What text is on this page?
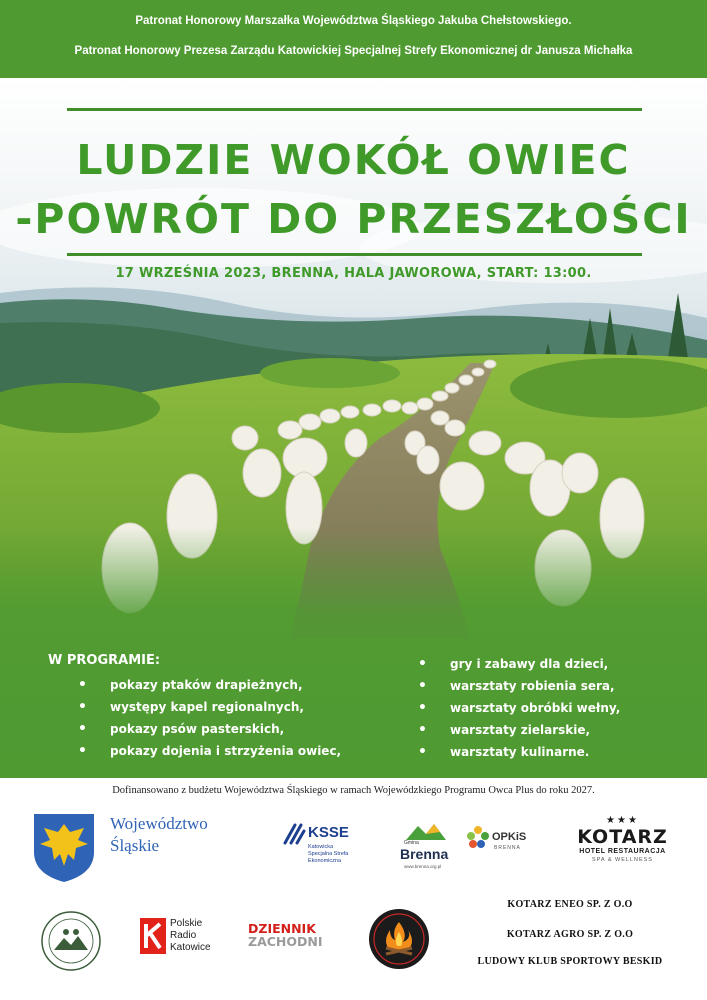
Patronat Honorowy Marszałka Województwa Śląskiego Jakuba Chełstowskiego.
Patronat Honorowy Prezesa Zarządu Katowickiej Specjalnej Strefy Ekonomicznej dr Janusza Michałka
LUDZIE WOKÓŁ OWIEC
-POWRÓT DO PRZESZŁOŚCI
17 WRZEŚNIA 2023, BRENNA, HALA JAWOROWA, START: 13:00.
W PROGRAMIE:
• pokazy ptaków drapieżnych,
• występy kapel regionalnych,
• pokazy psów pasterskich,
• pokazy dojenia i strzyżenia owiec,
• gry i zabawy dla dzieci,
• warsztaty robienia sera,
• warsztaty obróbki wełny,
• warsztaty zielarskie,
• warsztaty kulinarne.
Dofinansowano z budżetu Województwa Śląskiego w ramach Wojewódzkiego Programu Owca Plus do roku 2027.
Województwo
Śląskie
KSSE
Katowicka
Specjalna Strefa
Ekonomiczna
Gmina
Brenna
www.brenna.org.pl
OPKiS
BRENNA
★★★
KOTARZ
HOTEL RESTAURACJA
SPA & WELLNESS
Polskie
Radio
Katowice
DZIENNIK
ZACHODNI
KOTARZ ENEO SP. Z O.O
KOTARZ AGRO SP. Z O.O
LUDOWY KLUB SPORTOWY BESKID
